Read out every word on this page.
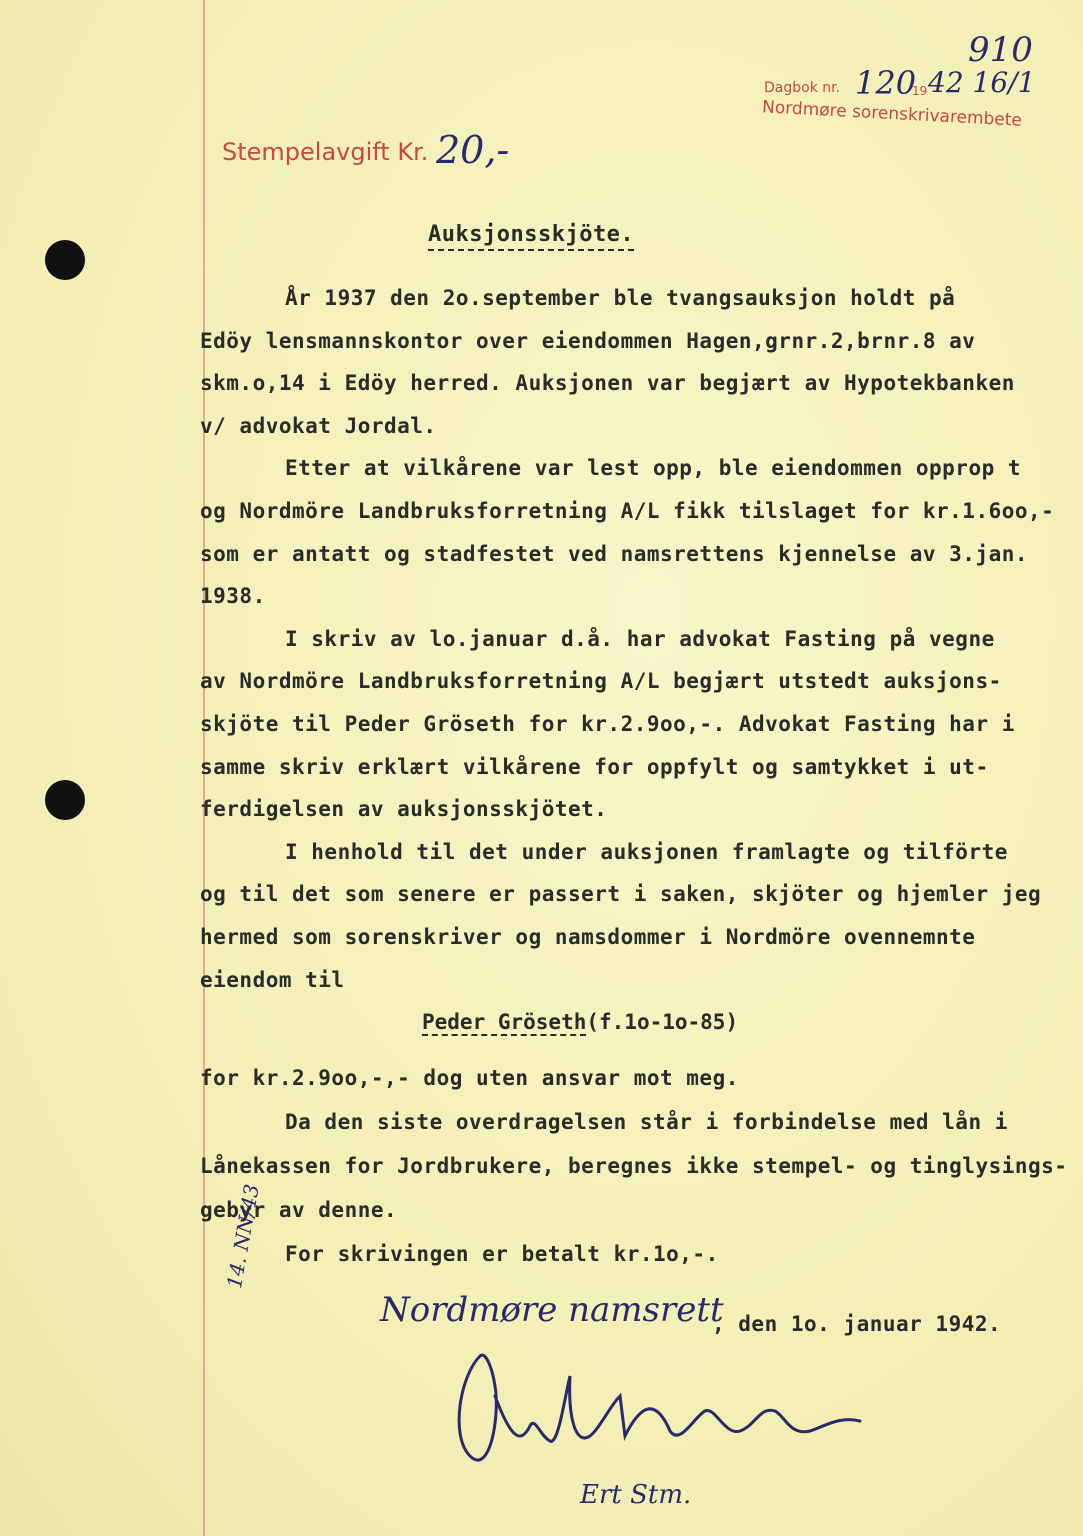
910
Stempelavgift Kr. 20,-
Dagbok nr. 120
19 42 16/1
Nordmøre sorenskrivarembete
Auksjonsskjöte.
År 1937 den 2o.september ble tvangsauksjon holdt på
Edöy lensmannskontor over eiendommen Hagen,grnr.2,brnr.8 av
skm.o,14 i Edöy herred. Auksjonen var begjært av Hypotekbanken
v/ advokat Jordal.
Etter at vilkårene var lest opp, ble eiendommen opprop t
og Nordmöre Landbruksforretning A/L fikk tilslaget for kr.1.6oo,-
som er antatt og stadfestet ved namsrettens kjennelse av 3.jan.
1938.
I skriv av lo.januar d.å. har advokat Fasting på vegne
av Nordmöre Landbruksforretning A/L begjært utstedt auksjons-
skjöte til Peder Gröseth for kr.2.9oo,-. Advokat Fasting har i
samme skriv erklært vilkårene for oppfylt og samtykket i ut-
ferdigelsen av auksjonsskjötet.
I henhold til det under auksjonen framlagte og tilförte
og til det som senere er passert i saken, skjöter og hjemler jeg
hermed som sorenskriver og namsdommer i Nordmöre ovennemnte
eiendom til
Peder Gröseth(f.1o-1o-85)
for kr.2.9oo,-,- dog uten ansvar mot meg.
Da den siste overdragelsen står i forbindelse med lån i
Lånekassen for Jordbrukere, beregnes ikke stempel- og tinglysings-
gebyr av denne.
For skrivingen er betalt kr.1o,-.
14. NN/43
Nordmøre namsrett
, den 1o. januar 1942.
Ert Stm.
